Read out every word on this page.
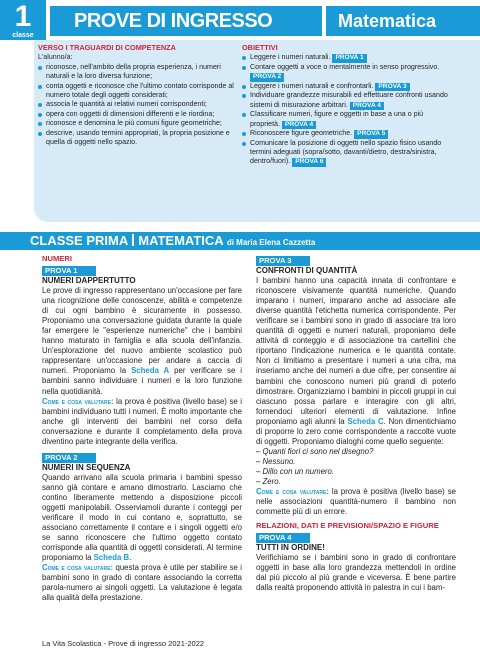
1
classe
PROVE DI INGRESSO	Matematica
VERSO I TRAGUARDI DI COMPETENZA
L'alunno/a:
riconosce, nell'ambito della propria esperienza, i numeri naturali e la loro diversa funzione;
conta oggetti e riconosce che l'ultimo contato corrisponde al numero totale degli oggetti considerati;
associa le quantità ai relativi numeri corrispondenti;
opera con oggetti di dimensioni differenti e le riordina;
riconosce e denomina le più comuni figure geometriche;
descrive, usando termini appropriati, la propria posizione e quella di oggetti nello spazio.
OBIETTIVI
Leggere i numeri naturali. PROVA 1
Contare oggetti a voce o mentalmente in senso progressivo. PROVA 2
Leggere i numeri naturali e confrontarli. PROVA 3
Individuare grandezze misurabili ed effettuare confronti usando sistemi di misurazione arbitrari. PROVA 4
Classificare numeri, figure e oggetti in base a una o più proprietà. PROVA 4
Riconoscere figure geometriche. PROVA 5
Comunicare la posizione di oggetti nello spazio fisico usando termini adeguati (sopra/sotto, davanti/dietro, destra/sinistra, dentro/fuori). PROVA 6
CLASSE PRIMA MATEMATICA di Maria Elena Cazzetta
NUMERI
PROVA 1
NUMERI DAPPERTUTTO

Le prove di ingresso rappresentano un'occasione per fare una ricognizione delle conoscenze, abilità e competenze di cui ogni bambino è sicuramente in possesso. Proponiamo una conversazione guidata durante la quale far emergere le "esperienze numeriche" che i bambini hanno maturato in famiglia e alla scuola dell'infanzia. Un'esplorazione del nuovo ambiente scolastico può rappresentare un'occasione per andare a caccia di numeri. Proponiamo la Scheda A per verificare se i bambini sanno individuare i numeri e la loro funzione nella quotidianità.

Come e cosa valutare: la prova è positiva (livello base) se i bambini individuano tutti i numeri. È molto importante che anche gli interventi dei bambini nel corso della conversazione e durante il completamento della prova diventino parte integrante della verifica.

PROVA 2
NUMERI IN SEQUENZA

Quando arrivano alla scuola primaria i bambini spesso sanno già contare e amano dimostrarlo. Lasciamo che contino liberamente mettendo a disposizione piccoli oggetti manipolabili. Osserviamoli durante i conteggi per verificare il modo in cui contano e, soprattutto, se associano correttamente il contare e i singoli oggetti e/o se sanno riconoscere che l'ultimo oggetto contato corrisponde alla quantità di oggetti considerati. Al termine proponiamo la Scheda B.

Come e cosa valutare: questa prova è utile per stabilire se i bambini sono in grado di contare associando la corretta parola-numero ai singoli oggetti. La valutazione è legata alla qualità della prestazione.

PROVA 3
CONFRONTI DI QUANTITÀ

I bambini hanno una capacità innata di confrontare e riconoscere visivamente quantità numeriche. Quando imparano i numeri, imparano anche ad associare alle diverse quantità l'etichetta numerica corrispondente. Per verificare se i bambini sono in grado di associare tra loro quantità di oggetti e numeri naturali, proponiamo delle attività di conteggio e di associazione tra cartellini che riportano l'indicazione numerica e le quantità contate. Non ci limitiamo a presentare i numeri a una cifra, ma inseriamo anche dei numeri a due cifre, per consentire ai bambini che conoscono numeri più grandi di poterlo dimostrare. Organizziamo i bambini in piccoli gruppi in cui ciascuno possa parlare e interagire con gli altri, fornendoci ulteriori elementi di valutazione. Infine proponiamo agli alunni la Scheda C. Non dimentichiamo di proporre lo zero come corrispondente a raccolte vuote di oggetti. Proponiamo dialoghi come quello seguente:

– Quanti fiori ci sono nel disegno?
– Nessuno.
– Dillo con un numero.
– Zero.

Come e cosa valutare: la prova è positiva (livello base) se nelle associazioni quantità-numero il bambino non commette più di un errore.

RELAZIONI, DATI E PREVISIONI/SPAZIO E FIGURE
PROVA 4
TUTTI IN ORDINE!

Verifichiamo se i bambini sono in grado di confrontare oggetti in base alla loro grandezza mettendoli in ordine dal più piccolo al più grande e viceversa. È bene partire dalla realtà proponendo attività in palestra in cui i bam-

La Vita Scolastica - Prove di ingresso 2021-2022
